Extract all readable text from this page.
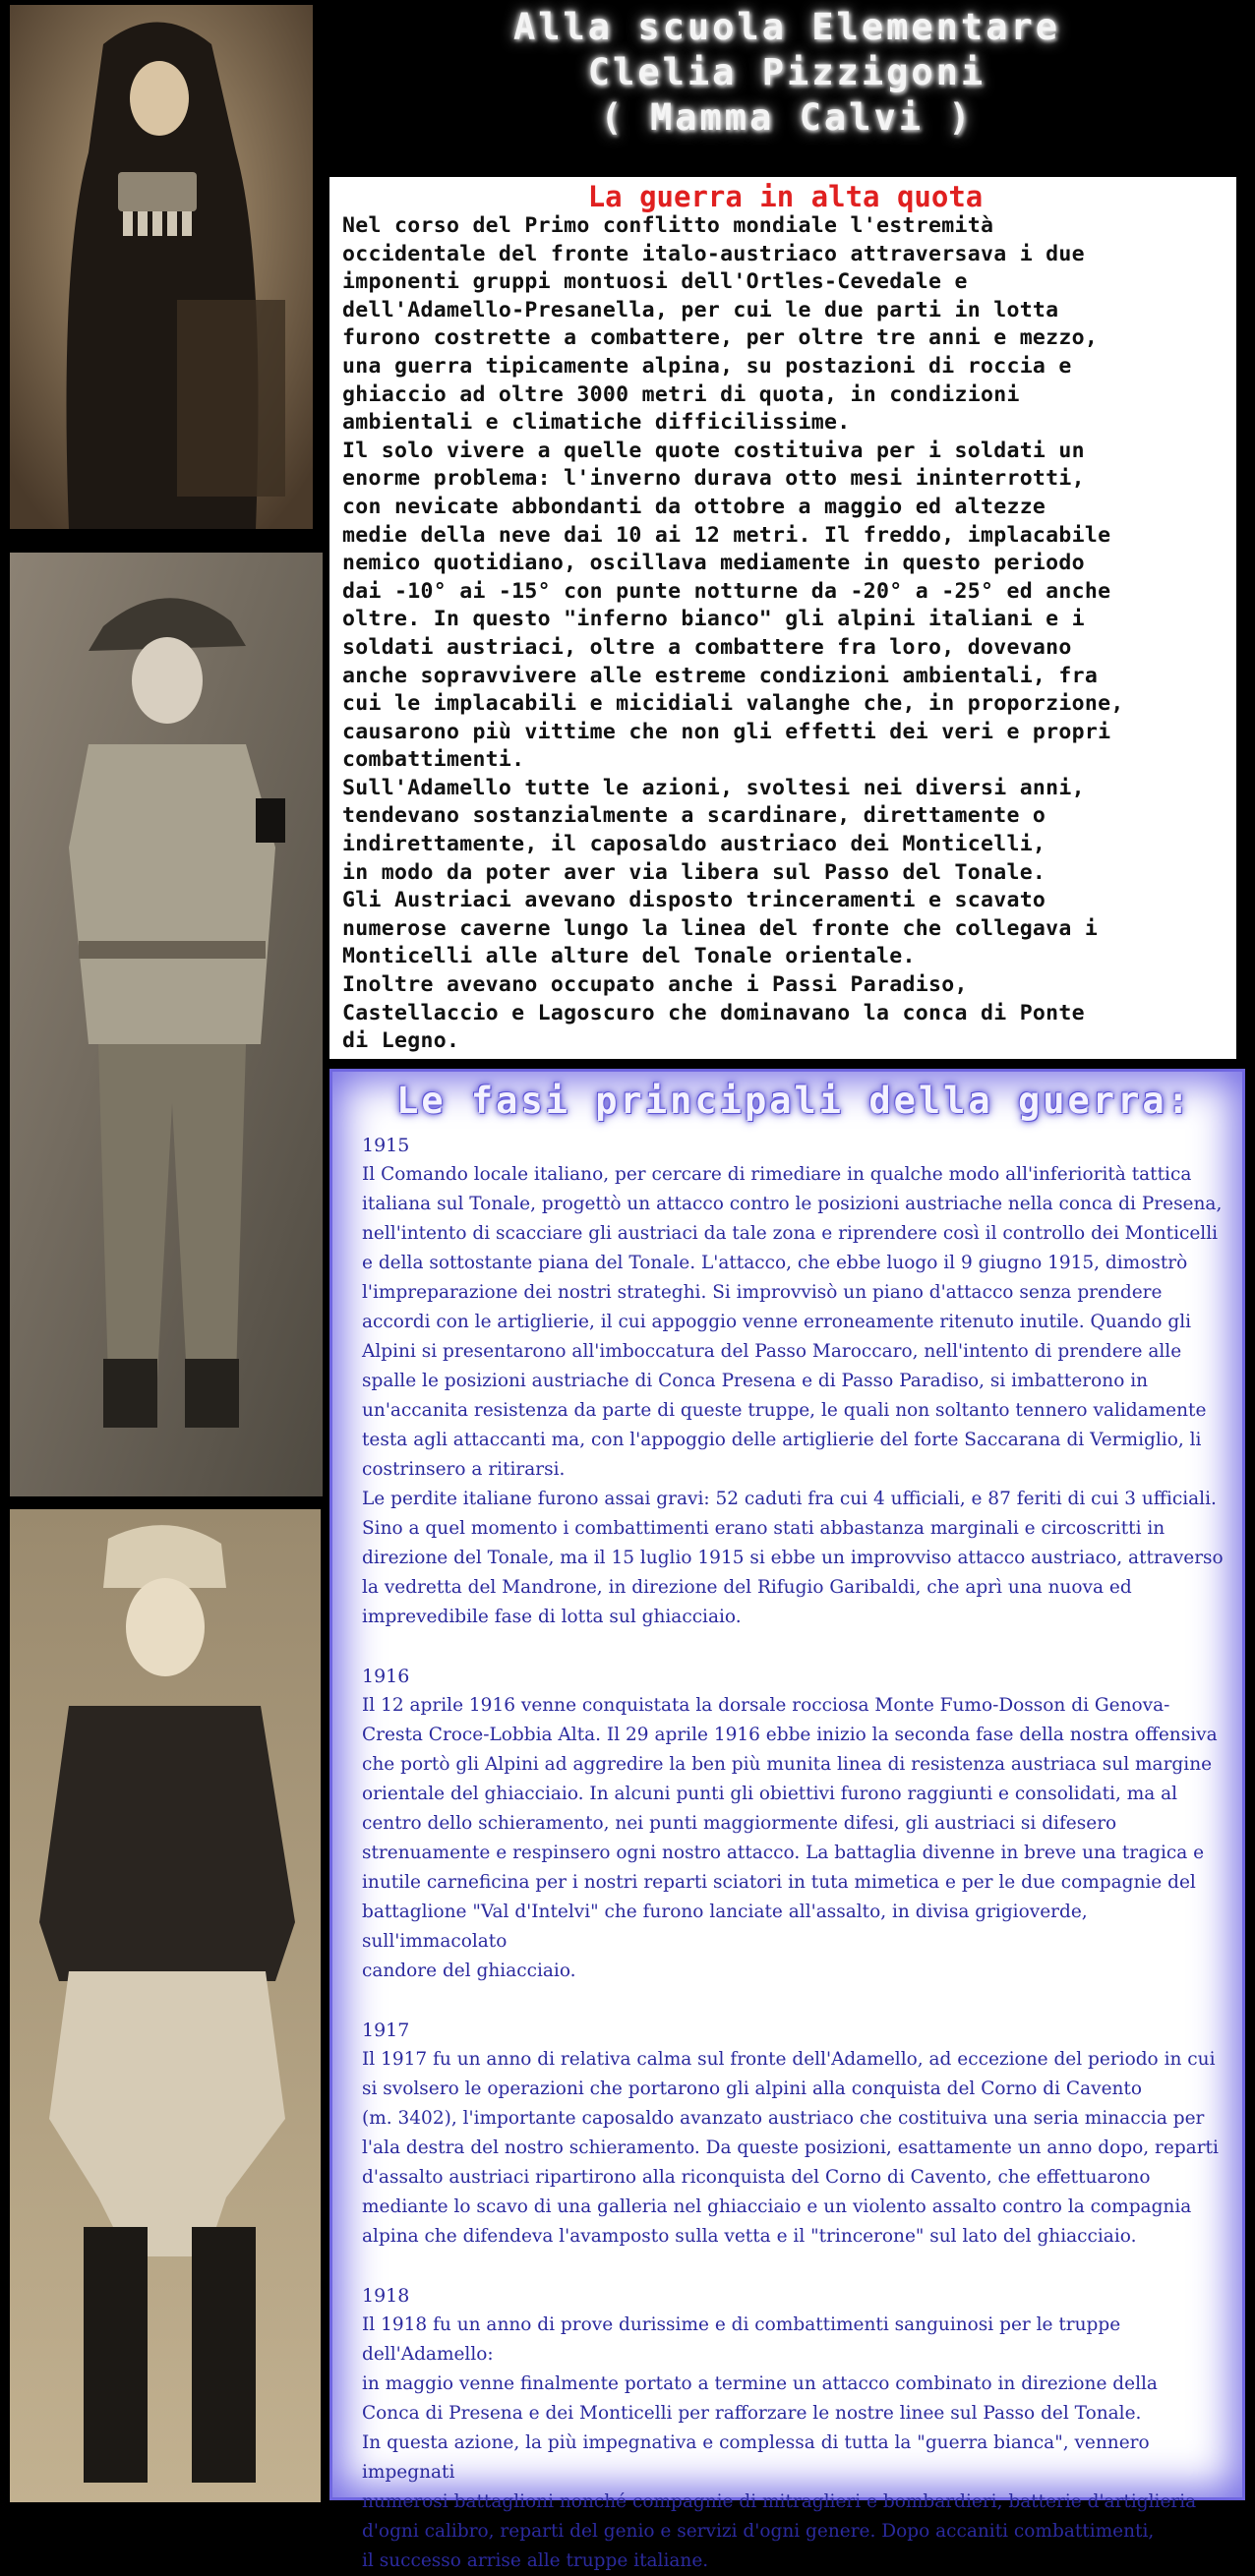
Alla scuola Elementare
Clelia Pizzigoni
( Mamma Calvi )
La guerra in alta quota

Nel corso del Primo conflitto mondiale l'estremità
occidentale del fronte italo-austriaco attraversava i due
imponenti gruppi montuosi dell'Ortles-Cevedale e
dell'Adamello-Presanella, per cui le due parti in lotta
furono costrette a combattere, per oltre tre anni e mezzo,
una guerra tipicamente alpina, su postazioni di roccia e
ghiaccio ad oltre 3000 metri di quota, in condizioni
ambientali e climatiche difficilissime.
Il solo vivere a quelle quote costituiva per i soldati un
enorme problema: l'inverno durava otto mesi ininterrotti,
con nevicate abbondanti da ottobre a maggio ed altezze
medie della neve dai 10 ai 12 metri. Il freddo, implacabile
nemico quotidiano, oscillava mediamente in questo periodo
dai -10° ai -15° con punte notturne da -20° a -25° ed anche
oltre. In questo "inferno bianco" gli alpini italiani e i
soldati austriaci, oltre a combattere fra loro, dovevano
anche sopravvivere alle estreme condizioni ambientali, fra
cui le implacabili e micidiali valanghe che, in proporzione,
causarono più vittime che non gli effetti dei veri e propri
combattimenti.
Sull'Adamello tutte le azioni, svoltesi nei diversi anni,
tendevano sostanzialmente a scardinare, direttamente o
indirettamente, il caposaldo austriaco dei Monticelli,
in modo da poter aver via libera sul Passo del Tonale.
Gli Austriaci avevano disposto trinceramenti e scavato
numerose caverne lungo la linea del fronte che collegava i
Monticelli alle alture del Tonale orientale.
Inoltre avevano occupato anche i Passi Paradiso,
Castellaccio e Lagoscuro che dominavano la conca di Ponte
di Legno.

Le fasi principali della guerra:

1915

Il Comando locale italiano, per cercare di rimediare in qualche modo all'inferiorità tattica
italiana sul Tonale, progettò un attacco contro le posizioni austriache nella conca di Presena,
nell'intento di scacciare gli austriaci da tale zona e riprendere così il controllo dei Monticelli
e della sottostante piana del Tonale. L'attacco, che ebbe luogo il 9 giugno 1915, dimostrò
l'impreparazione dei nostri strateghi. Si improvvisò un piano d'attacco senza prendere
accordi con le artiglierie, il cui appoggio venne erroneamente ritenuto inutile. Quando gli
Alpini si presentarono all'imboccatura del Passo Maroccaro, nell'intento di prendere alle
spalle le posizioni austriache di Conca Presena e di Passo Paradiso, si imbatterono in
un'accanita resistenza da parte di queste truppe, le quali non soltanto tennero validamente
testa agli attaccanti ma, con l'appoggio delle artiglierie del forte Saccarana di Vermiglio, li
costrinsero a ritirarsi.
Le perdite italiane furono assai gravi: 52 caduti fra cui 4 ufficiali, e 87 feriti di cui 3 ufficiali.
Sino a quel momento i combattimenti erano stati abbastanza marginali e circoscritti in
direzione del Tonale, ma il 15 luglio 1915 si ebbe un improvviso attacco austriaco, attraverso
la vedretta del Mandrone, in direzione del Rifugio Garibaldi, che aprì una nuova ed
imprevedibile fase di lotta sul ghiacciaio.

1916

Il 12 aprile 1916 venne conquistata la dorsale rocciosa Monte Fumo-Dosson di Genova-
Cresta Croce-Lobbia Alta. Il 29 aprile 1916 ebbe inizio la seconda fase della nostra offensiva
che portò gli Alpini ad aggredire la ben più munita linea di resistenza austriaca sul margine
orientale del ghiacciaio. In alcuni punti gli obiettivi furono raggiunti e consolidati, ma al
centro dello schieramento, nei punti maggiormente difesi, gli austriaci si difesero
strenuamente e respinsero ogni nostro attacco. La battaglia divenne in breve una tragica e
inutile carneficina per i nostri reparti sciatori in tuta mimetica e per le due compagnie del
battaglione "Val d'Intelvi" che furono lanciate all'assalto, in divisa grigioverde, sull'immacolato
candore del ghiacciaio.

1917

Il 1917 fu un anno di relativa calma sul fronte dell'Adamello, ad eccezione del periodo in cui
si svolsero le operazioni che portarono gli alpini alla conquista del Corno di Cavento
(m. 3402), l'importante caposaldo avanzato austriaco che costituiva una seria minaccia per
l'ala destra del nostro schieramento. Da queste posizioni, esattamente un anno dopo, reparti
d'assalto austriaci ripartirono alla riconquista del Corno di Cavento, che effettuarono
mediante lo scavo di una galleria nel ghiacciaio e un violento assalto contro la compagnia
alpina che difendeva l'avamposto sulla vetta e il "trincerone" sul lato del ghiacciaio.

1918

Il 1918 fu un anno di prove durissime e di combattimenti sanguinosi per le truppe dell'Adamello:
in maggio venne finalmente portato a termine un attacco combinato in direzione della
Conca di Presena e dei Monticelli per rafforzare le nostre linee sul Passo del Tonale.
In questa azione, la più impegnativa e complessa di tutta la "guerra bianca", vennero impegnati
numerosi battaglioni nonché compagnie di mitraglieri e bombardieri, batterie d'artiglieria
d'ogni calibro, reparti del genio e servizi d'ogni genere. Dopo accaniti combattimenti,
il successo arrise alle truppe italiane.
